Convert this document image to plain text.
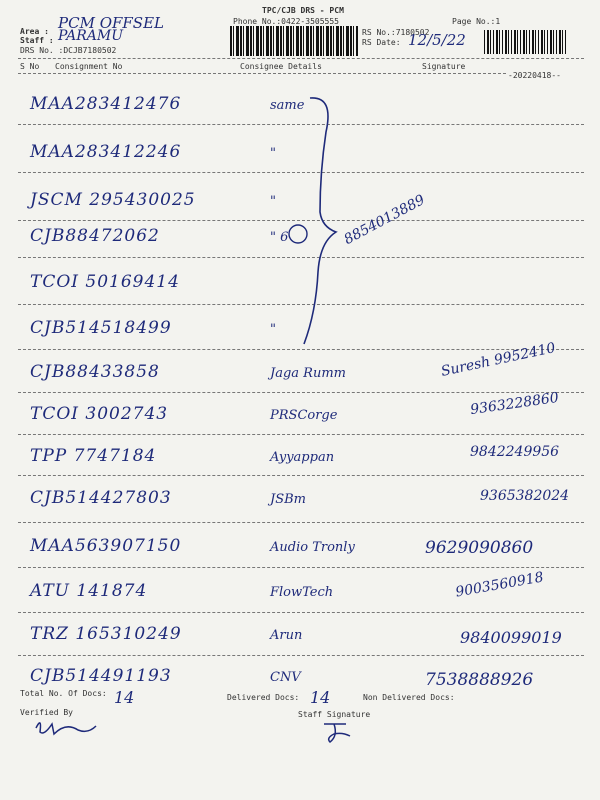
TPC/CJB DRS - PCM
Phone No.:0422-3505555	Page No.:1
Area : PCM OFFSEL
Staff : PARAMU
DRS No. :DCJB7180502
RS No.:7180502
RS Date: 12/5/22
S No Consignment No	Consignee Details	Signature
-20220418--
MAA283412476	same
MAA283412246	"
JSCM 295430025	"
CJB88472062	" 6	8854013889
TCOI 50169414
CJB514518499	"
CJB88433858	Jaga Rumm	Suresh 9952410
TCOI 3002743	PRSCorge	9363228860
TPP 7747184	Ayyappan	9842249956
CJB514427803	JSBm	9365382024
MAA563907150	Audio Tronly	9629090860
ATU 141874	FlowTech	9003560918
TRZ 165310249	Arun	9840099019
CJB514491193	CNV	7538888926
Total No. Of Docs: 14	Delivered Docs: 14	Non Delivered Docs:
Verified By	Staff Signature
